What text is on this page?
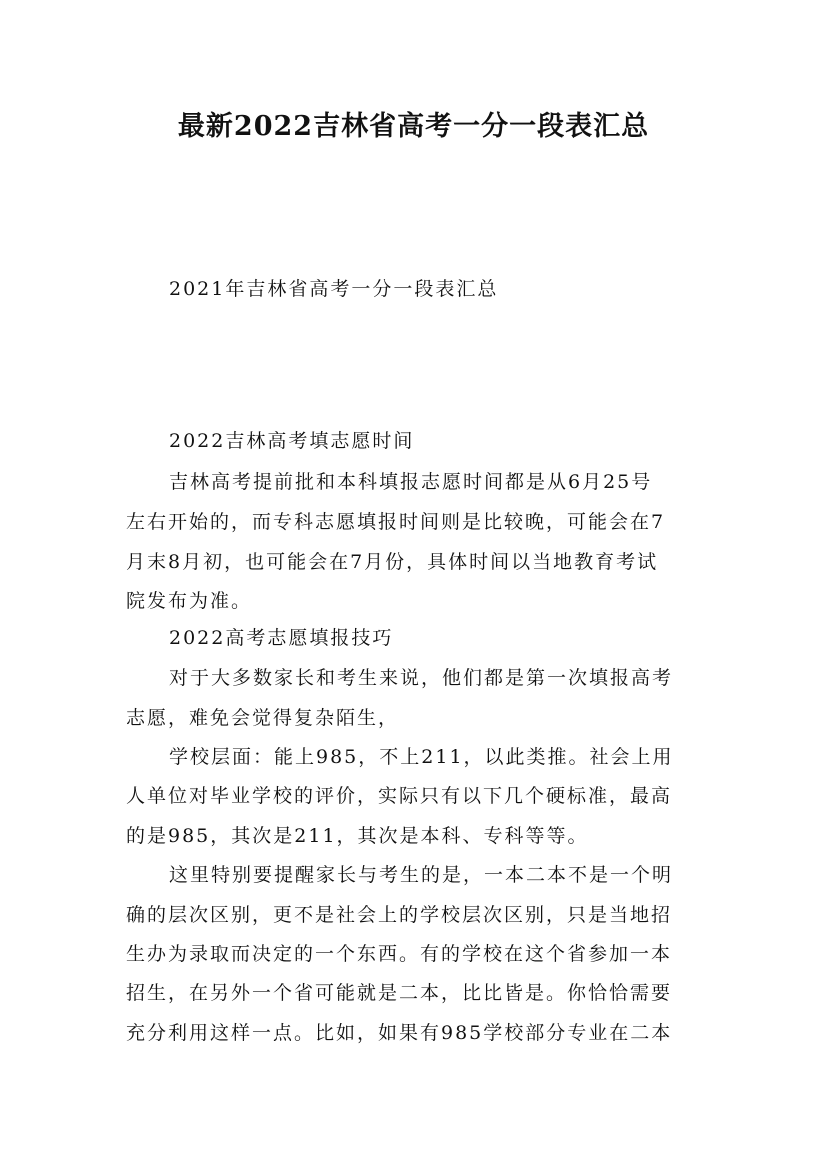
最新2022吉林省高考一分一段表汇总

2021年吉林省高考一分一段表汇总

2022吉林高考填志愿时间

吉林高考提前批和本科填报志愿时间都是从6月25号

左右开始的，而专科志愿填报时间则是比较晚，可能会在7

月末8月初，也可能会在7月份，具体时间以当地教育考试

院发布为准。

2022高考志愿填报技巧

对于大多数家长和考生来说，他们都是第一次填报高考

志愿，难免会觉得复杂陌生，

学校层面：能上985，不上211，以此类推。社会上用

人单位对毕业学校的评价，实际只有以下几个硬标准，最高

的是985，其次是211，其次是本科、专科等等。

这里特别要提醒家长与考生的是，一本二本不是一个明

确的层次区别，更不是社会上的学校层次区别，只是当地招

生办为录取而决定的一个东西。有的学校在这个省参加一本

招生，在另外一个省可能就是二本，比比皆是。你恰恰需要

充分利用这样一点。比如，如果有985学校部分专业在二本
